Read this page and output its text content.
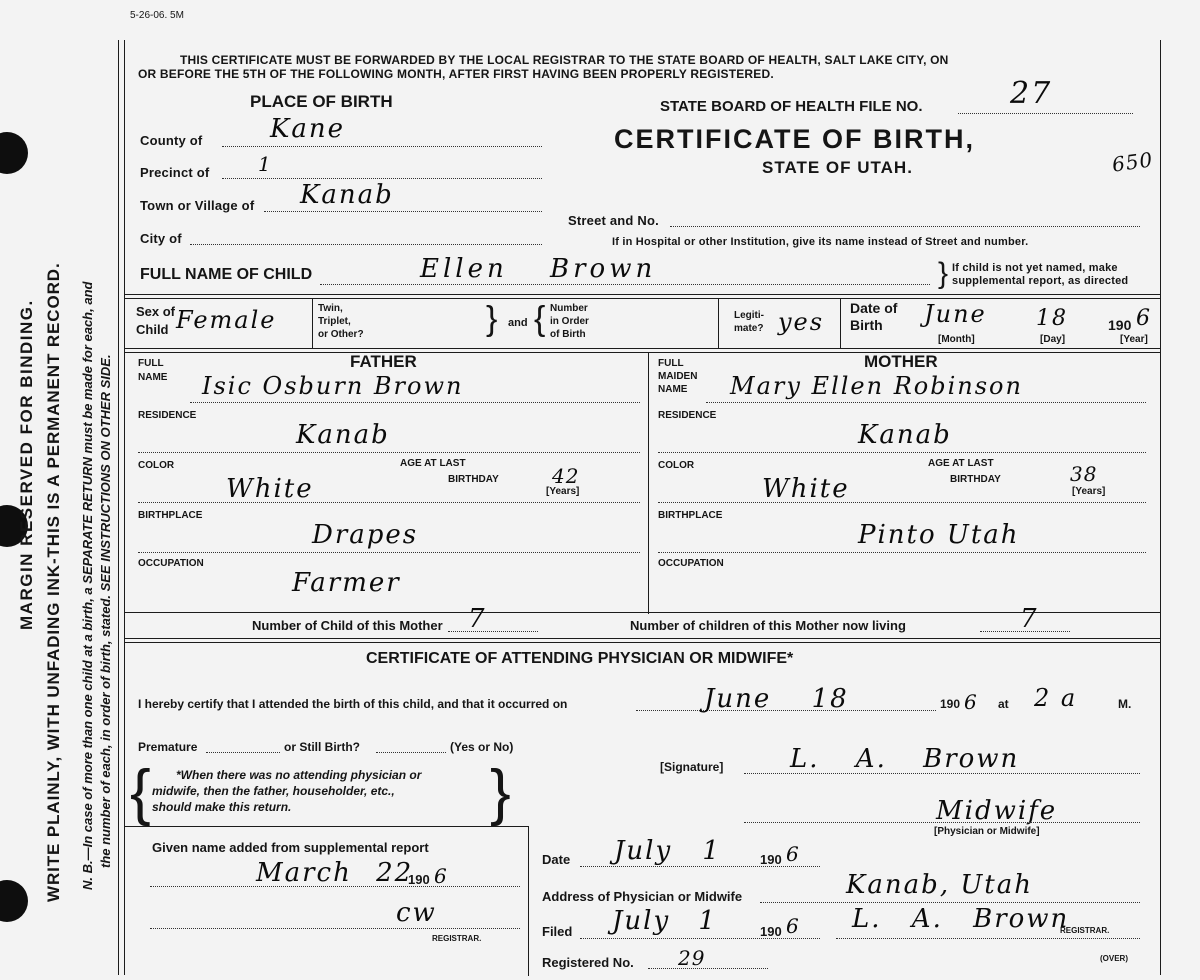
MARGIN RESERVED FOR BINDING. WRITE PLAINLY, WITH UNFADING INK-THIS IS A PERMANENT RECORD. N. B.—In case of more than one child at a birth, a SEPARATE RETURN must be made for each, and the number of each, in order of birth, stated. SEE INSTRUCTIONS ON OTHER SIDE.
5-26-06. 5M
THIS CERTIFICATE MUST BE FORWARDED BY THE LOCAL REGISTRAR TO THE STATE BOARD OF HEALTH, SALT LAKE CITY, ON
OR BEFORE THE 5TH OF THE FOLLOWING MONTH, AFTER FIRST HAVING BEEN PROPERLY REGISTERED.
PLACE OF BIRTH
County of	Kane
Precinct of 1
Town or Village of Kanab
City of
STATE BOARD OF HEALTH FILE NO.	27
CERTIFICATE OF BIRTH,
STATE OF UTAH.	650
Street and No.
If in Hospital or other Institution, give its name instead of Street and number.
FULL NAME OF CHILD	Ellen Brown	} If child is not yet named, make
supplemental report, as directed
Sex of
Child Female	Twin,
Triplet,
or Other?	} and { Number
in Order
of Birth
Legiti-
mate? yes Date of
Birth June 18	190 6
[Month]	[Day]	[Year]
FATHER
FULL
NAME Isic Osburn Brown
RESIDENCE
Kanab
COLOR	AGE AT LAST
BIRTHDAY
White	42
[Years]
BIRTHPLACE
Drapes
OCCUPATION
Farmer
MOTHER
FULL
MAIDEN
NAME Mary Ellen Robinson
RESIDENCE
Kanab
COLOR	AGE AT LAST
BIRTHDAY
White	38
[Years]
BIRTHPLACE
Pinto Utah
OCCUPATION
Number of Child of this Mother 7	Number of children of this Mother now living	7
CERTIFICATE OF ATTENDING PHYSICIAN OR MIDWIFE*
I hereby certify that I attended the birth of this child, and that it occurred on	June 18	190 6 at 2 a	M.
Premature	or Still Birth?	(Yes or No)
{ *When there was no attending physician or
midwife, then the father, householder, etc.,
should make this return.	}	[Signature]	L. A. Brown
Midwife
[Physician or Midwife]
Given name added from supplemental report
March 22
190 6
cw
REGISTRAR.
Date July 1	190 6
Address of Physician or Midwife	Kanab, Utah
Filed July 1	190 6 L. A. Brown
REGISTRAR.
Registered No. 29	(OVER)
